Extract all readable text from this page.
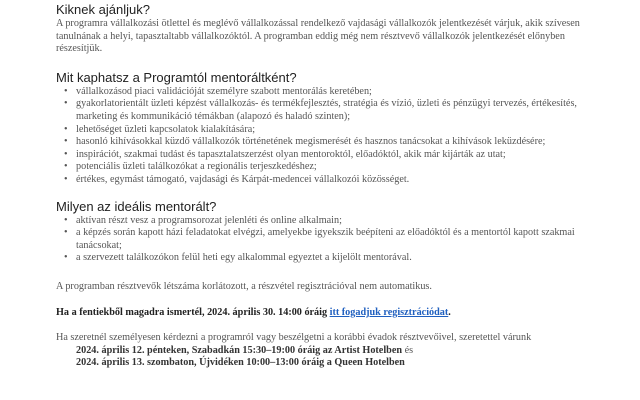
Kiknek ajánljuk?

A programra vállalkozási ötlettel és meglévő vállalkozással rendelkező vajdasági vállalkozók jelentkezését várjuk, akik szívesen tanulnának a helyi, tapasztaltabb vállalkozóktól. A programban eddig még nem résztvevő vállalkozók jelentkezését előnyben részesítjük.

Mit kaphatsz a Programtól mentoráltként?
• vállalkozásod piaci validációját személyre szabott mentorálás keretében;
• gyakorlatorientált üzleti képzést vállalkozás- és termékfejlesztés, stratégia és vízió, üzleti és pénzügyi tervezés, értékesítés, marketing és kommunikáció témákban (alapozó és haladó szinten);
• lehetőséget üzleti kapcsolatok kialakítására;
• hasonló kihívásokkal küzdő vállalkozók történetének megismerését és hasznos tanácsokat a kihívások leküzdésére;
• inspirációt, szakmai tudást és tapasztalatszerzést olyan mentoroktól, előadóktól, akik már kijárták az utat;
• potenciális üzleti találkozókat a regionális terjeszkedéshez;
• értékes, egymást támogató, vajdasági és Kárpát-medencei vállalkozói közösséget.
Milyen az ideális mentorált?
• aktívan részt vesz a programsorozat jelenléti és online alkalmain;
• a képzés során kapott házi feladatokat elvégzi, amelyekbe igyekszik beépíteni az előadóktól és a mentortól kapott szakmai tanácsokat;
• a szervezett találkozókon felül heti egy alkalommal egyeztet a kijelölt mentorával.

A programban résztvevők létszáma korlátozott, a részvétel regisztrációval nem automatikus.

Ha a fentiekből magadra ismertél, 2024. április 30. 14:00 óráig itt fogadjuk regisztrációdat.

Ha szeretnél személyesen kérdezni a programról vagy beszélgetni a korábbi évadok résztvevőivel, szeretettel várunk

2024. április 12. pénteken, Szabadkán 15:30–19:00 óráig az Artist Hotelben és

2024. április 13. szombaton, Újvidéken 10:00–13:00 óráig a Queen Hotelben
